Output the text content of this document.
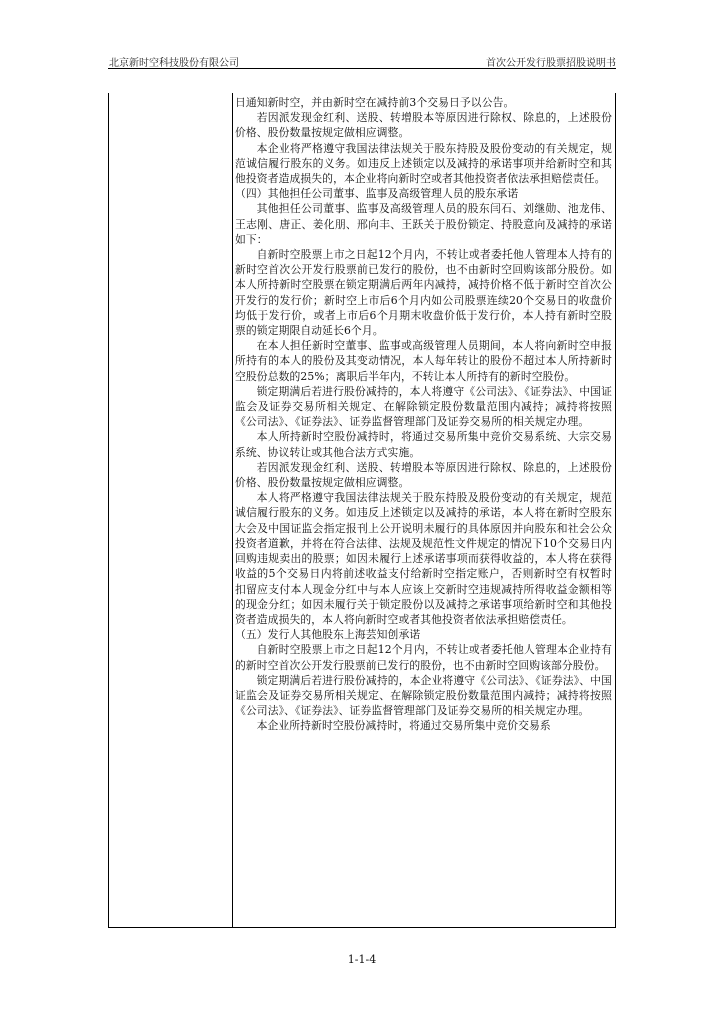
北京新时空科技股份有限公司	首次公开发行股票招股说明书

日通知新时空，并由新时空在减持前3个交易日予以公告。

若因派发现金红利、送股、转增股本等原因进行除权、除息的，上述股份价格、股份数量按规定做相应调整。

本企业将严格遵守我国法律法规关于股东持股及股份变动的有关规定，规范诚信履行股东的义务。如违反上述锁定以及减持的承诺事项并给新时空和其他投资者造成损失的，本企业将向新时空或者其他投资者依法承担赔偿责任。

（四）其他担任公司董事、监事及高级管理人员的股东承诺

其他担任公司董事、监事及高级管理人员的股东闫石、刘继勋、池龙伟、王志刚、唐正、姜化朋、邢向丰、王跃关于股份锁定、持股意向及减持的承诺如下：

自新时空股票上市之日起12个月内，不转让或者委托他人管理本人持有的新时空首次公开发行股票前已发行的股份，也不由新时空回购该部分股份。如本人所持新时空股票在锁定期满后两年内减持，减持价格不低于新时空首次公开发行的发行价；新时空上市后6个月内如公司股票连续20个交易日的收盘价均低于发行价，或者上市后6个月期末收盘价低于发行价，本人持有新时空股票的锁定期限自动延长6个月。

在本人担任新时空董事、监事或高级管理人员期间，本人将向新时空申报所持有的本人的股份及其变动情况，本人每年转让的股份不超过本人所持新时空股份总数的25%；离职后半年内，不转让本人所持有的新时空股份。

锁定期满后若进行股份减持的，本人将遵守《公司法》、《证券法》、中国证监会及证券交易所相关规定、在解除锁定股份数量范围内减持；减持将按照《公司法》、《证券法》、证券监督管理部门及证券交易所的相关规定办理。

本人所持新时空股份减持时，将通过交易所集中竞价交易系统、大宗交易系统、协议转让或其他合法方式实施。

若因派发现金红利、送股、转增股本等原因进行除权、除息的，上述股份价格、股份数量按规定做相应调整。

本人将严格遵守我国法律法规关于股东持股及股份变动的有关规定，规范诚信履行股东的义务。如违反上述锁定以及减持的承诺，本人将在新时空股东大会及中国证监会指定报刊上公开说明未履行的具体原因并向股东和社会公众投资者道歉，并将在符合法律、法规及规范性文件规定的情况下10个交易日内回购违规卖出的股票；如因未履行上述承诺事项而获得收益的，本人将在获得收益的5个交易日内将前述收益支付给新时空指定账户，否则新时空有权暂时扣留应支付本人现金分红中与本人应该上交新时空违规减持所得收益金额相等的现金分红；如因未履行关于锁定股份以及减持之承诺事项给新时空和其他投资者造成损失的，本人将向新时空或者其他投资者依法承担赔偿责任。

（五）发行人其他股东上海芸知创承诺

自新时空股票上市之日起12个月内，不转让或者委托他人管理本企业持有的新时空首次公开发行股票前已发行的股份，也不由新时空回购该部分股份。

锁定期满后若进行股份减持的，本企业将遵守《公司法》、《证券法》、中国证监会及证券交易所相关规定、在解除锁定股份数量范围内减持；减持将按照《公司法》、《证券法》、证券监督管理部门及证券交易所的相关规定办理。

本企业所持新时空股份减持时，将通过交易所集中竞价交易系

1-1-4
